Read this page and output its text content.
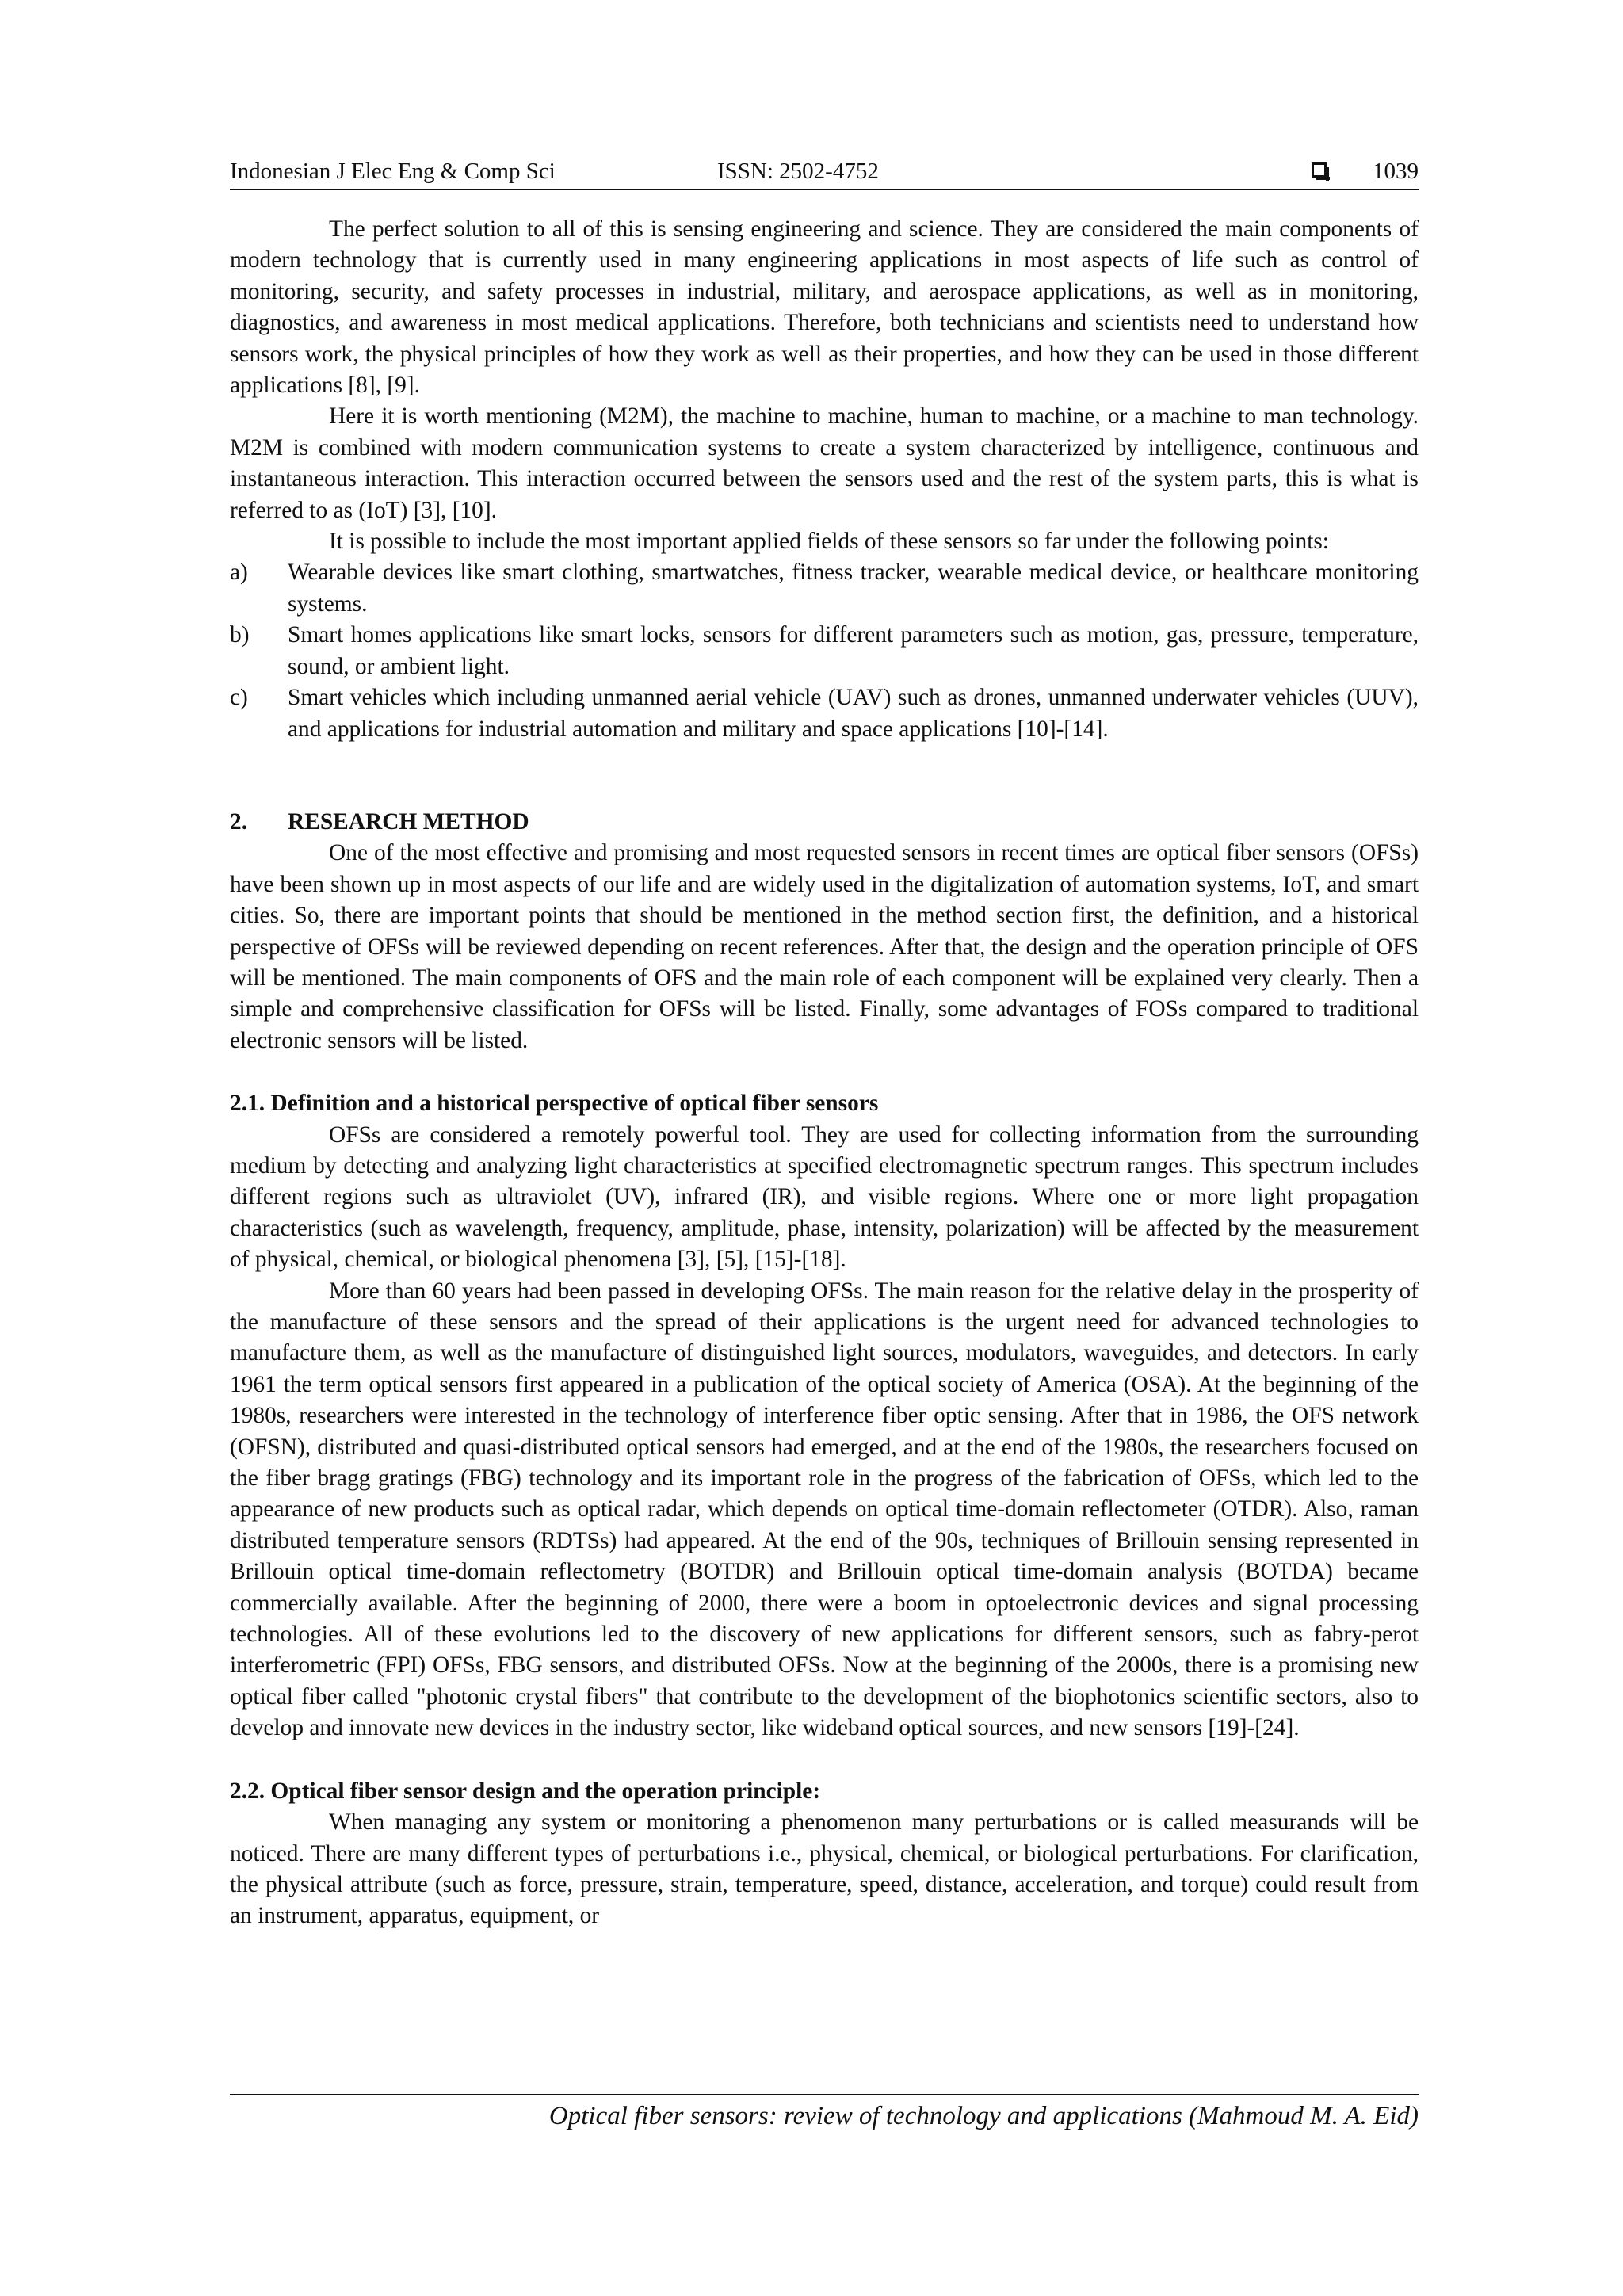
Indonesian J Elec Eng & Comp Sci	ISSN: 2502-4752	1039

The perfect solution to all of this is sensing engineering and science. They are considered the main components of modern technology that is currently used in many engineering applications in most aspects of life such as control of monitoring, security, and safety processes in industrial, military, and aerospace applications, as well as in monitoring, diagnostics, and awareness in most medical applications. Therefore, both technicians and scientists need to understand how sensors work, the physical principles of how they work as well as their properties, and how they can be used in those different applications [8], [9].

Here it is worth mentioning (M2M), the machine to machine, human to machine, or a machine to man technology. M2M is combined with modern communication systems to create a system characterized by intelligence, continuous and instantaneous interaction. This interaction occurred between the sensors used and the rest of the system parts, this is what is referred to as (IoT) [3], [10].

It is possible to include the most important applied fields of these sensors so far under the following points:

a) Wearable devices like smart clothing, smartwatches, fitness tracker, wearable medical device, or healthcare monitoring systems.

b) Smart homes applications like smart locks, sensors for different parameters such as motion, gas, pressure, temperature, sound, or ambient light.

c) Smart vehicles which including unmanned aerial vehicle (UAV) such as drones, unmanned underwater vehicles (UUV), and applications for industrial automation and military and space applications [10]-[14].

2. RESEARCH METHOD

One of the most effective and promising and most requested sensors in recent times are optical fiber sensors (OFSs) have been shown up in most aspects of our life and are widely used in the digitalization of automation systems, IoT, and smart cities. So, there are important points that should be mentioned in the method section first, the definition, and a historical perspective of OFSs will be reviewed depending on recent references. After that, the design and the operation principle of OFS will be mentioned. The main components of OFS and the main role of each component will be explained very clearly. Then a simple and comprehensive classification for OFSs will be listed. Finally, some advantages of FOSs compared to traditional electronic sensors will be listed.

2.1. Definition and a historical perspective of optical fiber sensors

OFSs are considered a remotely powerful tool. They are used for collecting information from the surrounding medium by detecting and analyzing light characteristics at specified electromagnetic spectrum ranges. This spectrum includes different regions such as ultraviolet (UV), infrared (IR), and visible regions. Where one or more light propagation characteristics (such as wavelength, frequency, amplitude, phase, intensity, polarization) will be affected by the measurement of physical, chemical, or biological phenomena [3], [5], [15]-[18].

More than 60 years had been passed in developing OFSs. The main reason for the relative delay in the prosperity of the manufacture of these sensors and the spread of their applications is the urgent need for advanced technologies to manufacture them, as well as the manufacture of distinguished light sources, modulators, waveguides, and detectors. In early 1961 the term optical sensors first appeared in a publication of the optical society of America (OSA). At the beginning of the 1980s, researchers were interested in the technology of interference fiber optic sensing. After that in 1986, the OFS network (OFSN), distributed and quasi-distributed optical sensors had emerged, and at the end of the 1980s, the researchers focused on the fiber bragg gratings (FBG) technology and its important role in the progress of the fabrication of OFSs, which led to the appearance of new products such as optical radar, which depends on optical time-domain reflectometer (OTDR). Also, raman distributed temperature sensors (RDTSs) had appeared. At the end of the 90s, techniques of Brillouin sensing represented in Brillouin optical time-domain reflectometry (BOTDR) and Brillouin optical time-domain analysis (BOTDA) became commercially available. After the beginning of 2000, there were a boom in optoelectronic devices and signal processing technologies. All of these evolutions led to the discovery of new applications for different sensors, such as fabry-perot interferometric (FPI) OFSs, FBG sensors, and distributed OFSs. Now at the beginning of the 2000s, there is a promising new optical fiber called "photonic crystal fibers" that contribute to the development of the biophotonics scientific sectors, also to develop and innovate new devices in the industry sector, like wideband optical sources, and new sensors [19]-[24].

2.2. Optical fiber sensor design and the operation principle:

When managing any system or monitoring a phenomenon many perturbations or is called measurands will be noticed. There are many different types of perturbations i.e., physical, chemical, or biological perturbations. For clarification, the physical attribute (such as force, pressure, strain, temperature, speed, distance, acceleration, and torque) could result from an instrument, apparatus, equipment, or

Optical fiber sensors: review of technology and applications (Mahmoud M. A. Eid)
